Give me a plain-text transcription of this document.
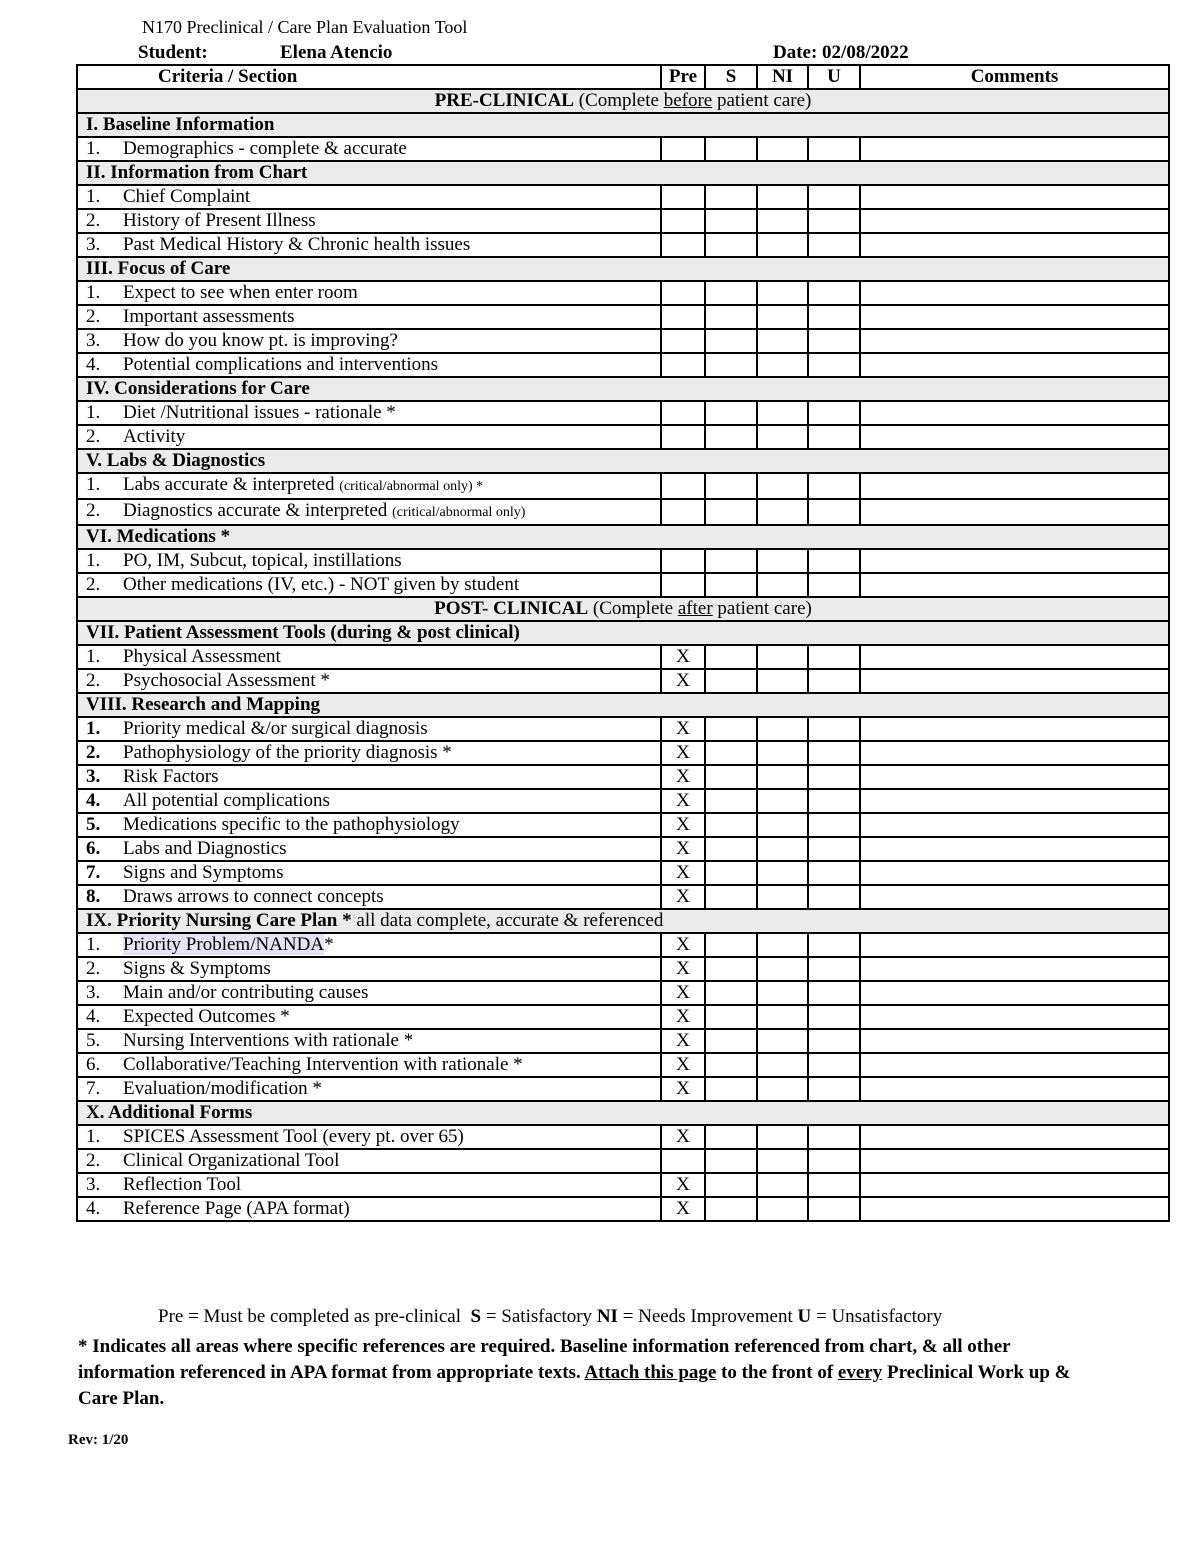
N170 Preclinical / Care Plan Evaluation Tool
Student:	Elena Atencio	Date: 02/08/2022
Criteria / Section	Pre	S	NI	U	Comments
PRE-CLINICAL (Complete before patient care)					
I. Baseline Information					
1. Demographics - complete & accurate					
II. Information from Chart					
1. Chief Complaint					
2. History of Present Illness					
3. Past Medical History & Chronic health issues					
III. Focus of Care					
1. Expect to see when enter room					
2. Important assessments					
3. How do you know pt. is improving?					
4. Potential complications and interventions					
IV. Considerations for Care					
1. Diet /Nutritional issues - rationale *					
2. Activity					
V. Labs & Diagnostics					
1. Labs accurate & interpreted (critical/abnormal only) *					
2. Diagnostics accurate & interpreted (critical/abnormal only)					
VI. Medications *					
1. PO, IM, Subcut, topical, instillations					
2. Other medications (IV, etc.) - NOT given by student					
POST- CLINICAL (Complete after patient care)					
VII. Patient Assessment Tools (during & post clinical)					
1. Physical Assessment	X				
2. Psychosocial Assessment *	X				
VIII. Research and Mapping					
1. Priority medical &/or surgical diagnosis	X				
2. Pathophysiology of the priority diagnosis *	X				
3. Risk Factors	X				
4. All potential complications	X				
5. Medications specific to the pathophysiology	X				
6. Labs and Diagnostics	X				
7. Signs and Symptoms	X				
8. Draws arrows to connect concepts	X				
IX. Priority Nursing Care Plan * all data complete, accurate & referenced					
1. Priority Problem/NANDA*	X				
2. Signs & Symptoms	X				
3. Main and/or contributing causes	X				
4. Expected Outcomes *	X				
5. Nursing Interventions with rationale *	X				
6. Collaborative/Teaching Intervention with rationale *	X				
7. Evaluation/modification *	X				
X. Additional Forms					
1. SPICES Assessment Tool (every pt. over 65)	X				
2. Clinical Organizational Tool					
3. Reflection Tool	X				
4. Reference Page (APA format)	X				
Pre = Must be completed as pre-clinical S = Satisfactory NI = Needs Improvement U = Unsatisfactory
* Indicates all areas where specific references are required. Baseline information referenced from chart, & all other information referenced in APA format from appropriate texts. Attach this page to the front of every Preclinical Work up & Care Plan.
Rev: 1/20
